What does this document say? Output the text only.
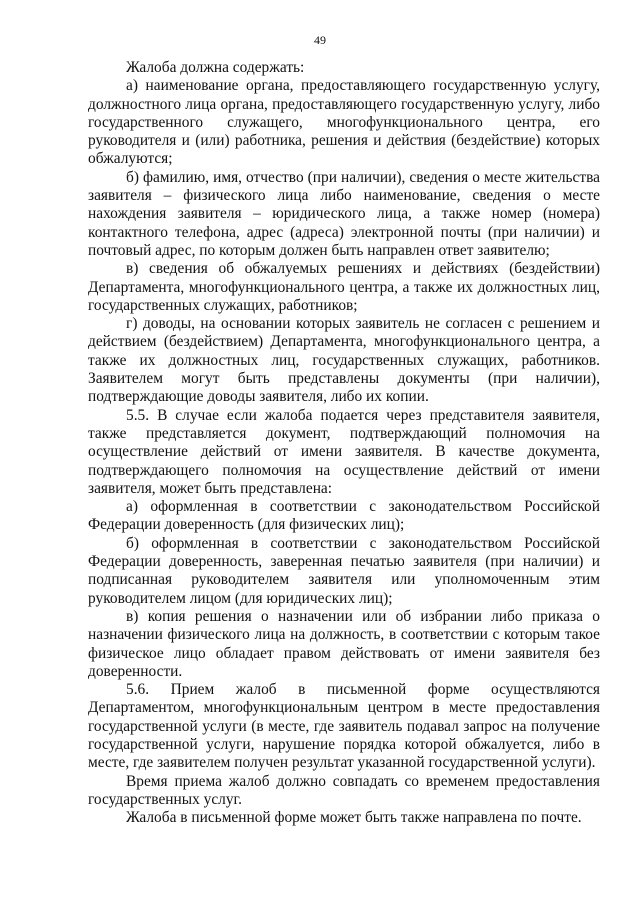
49

Жалоба должна содержать:

а) наименование органа, предоставляющего государственную услугу, должностного лица органа, предоставляющего государственную услугу, либо государственного служащего, многофункционального центра, его руководителя и (или) работника, решения и действия (бездействие) которых обжалуются;

б) фамилию, имя, отчество (при наличии), сведения о месте жительства заявителя – физического лица либо наименование, сведения о месте нахождения заявителя – юридического лица, а также номер (номера) контактного телефона, адрес (адреса) электронной почты (при наличии) и почтовый адрес, по которым должен быть направлен ответ заявителю;

в) сведения об обжалуемых решениях и действиях (бездействии) Департамента, многофункционального центра, а также их должностных лиц, государственных служащих, работников;

г) доводы, на основании которых заявитель не согласен с решением и действием (бездействием) Департамента, многофункционального центра, а также их должностных лиц, государственных служащих, работников. Заявителем могут быть представлены документы (при наличии), подтверждающие доводы заявителя, либо их копии.

5.5. В случае если жалоба подается через представителя заявителя, также представляется документ, подтверждающий полномочия на осуществление действий от имени заявителя. В качестве документа, подтверждающего полномочия на осуществление действий от имени заявителя, может быть представлена:

а) оформленная в соответствии с законодательством Российской Федерации доверенность (для физических лиц);

б) оформленная в соответствии с законодательством Российской Федерации доверенность, заверенная печатью заявителя (при наличии) и подписанная руководителем заявителя или уполномоченным этим руководителем лицом (для юридических лиц);

в) копия решения о назначении или об избрании либо приказа о назначении физического лица на должность, в соответствии с которым такое физическое лицо обладает правом действовать от имени заявителя без доверенности.

5.6. Прием жалоб в письменной форме осуществляются Департаментом, многофункциональным центром в месте предоставления государственной услуги (в месте, где заявитель подавал запрос на получение государственной услуги, нарушение порядка которой обжалуется, либо в месте, где заявителем получен результат указанной государственной услуги).

Время приема жалоб должно совпадать со временем предоставления государственных услуг.

Жалоба в письменной форме может быть также направлена по почте.
